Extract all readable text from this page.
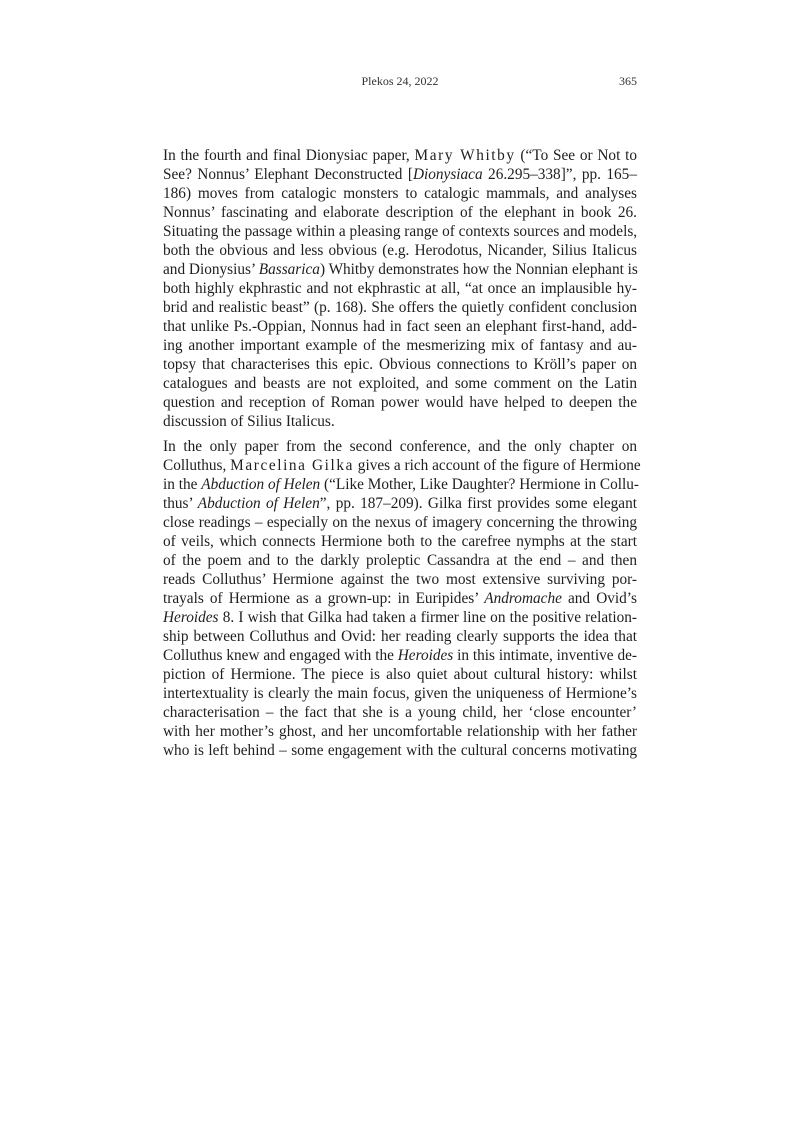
Plekos 24, 2022	365
In the fourth and final Dionysiac paper, Mary Whitby (“To See or Not to
See? Nonnus’ Elephant Deconstructed [Dionysiaca 26.295–338]”, pp. 165–
186) moves from catalogic monsters to catalogic mammals, and analyses
Nonnus’ fascinating and elaborate description of the elephant in book 26.
Situating the passage within a pleasing range of contexts sources and models,
both the obvious and less obvious (e.g. Herodotus, Nicander, Silius Italicus
and Dionysius’ Bassarica) Whitby demonstrates how the Nonnian elephant is
both highly ekphrastic and not ekphrastic at all, “at once an implausible hy-
brid and realistic beast” (p. 168). She offers the quietly confident conclusion
that unlike Ps.-Oppian, Nonnus had in fact seen an elephant first-hand, add-
ing another important example of the mesmerizing mix of fantasy and au-
topsy that characterises this epic. Obvious connections to Kröll’s paper on
catalogues and beasts are not exploited, and some comment on the Latin
question and reception of Roman power would have helped to deepen the
discussion of Silius Italicus.
In the only paper from the second conference, and the only chapter on
Colluthus, Marcelina Gilka gives a rich account of the figure of Hermione
in the Abduction of Helen (“Like Mother, Like Daughter? Hermione in Collu-
thus’ Abduction of Helen”, pp. 187–209). Gilka first provides some elegant
close readings – especially on the nexus of imagery concerning the throwing
of veils, which connects Hermione both to the carefree nymphs at the start
of the poem and to the darkly proleptic Cassandra at the end – and then
reads Colluthus’ Hermione against the two most extensive surviving por-
trayals of Hermione as a grown-up: in Euripides’ Andromache and Ovid’s
Heroides 8. I wish that Gilka had taken a firmer line on the positive relation-
ship between Colluthus and Ovid: her reading clearly supports the idea that
Colluthus knew and engaged with the Heroides in this intimate, inventive de-
piction of Hermione. The piece is also quiet about cultural history: whilst
intertextuality is clearly the main focus, given the uniqueness of Hermione’s
characterisation – the fact that she is a young child, her ‘close encounter’
with her mother’s ghost, and her uncomfortable relationship with her father
who is left behind – some engagement with the cultural concerns motivating
